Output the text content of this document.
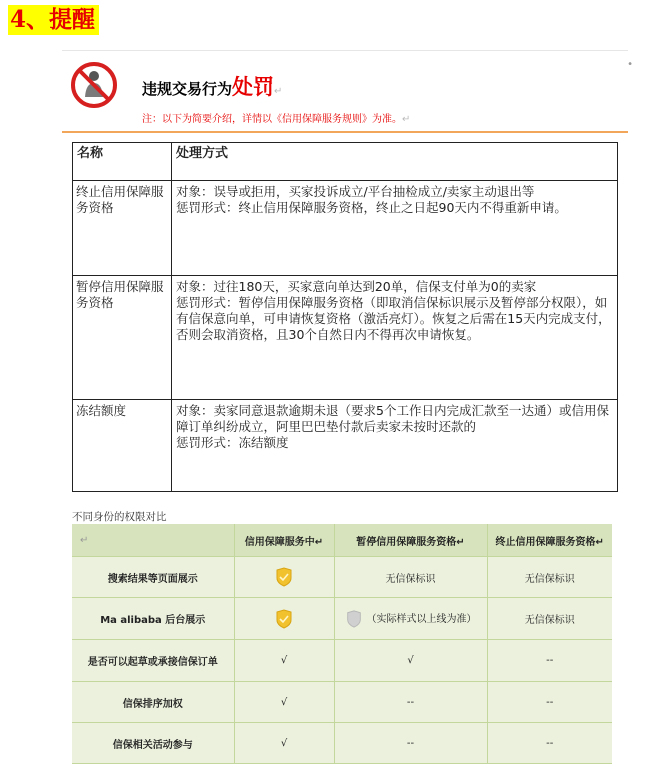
4、提醒
•
违规交易行为处罚↵
注：以下为简要介绍，详情以《信用保障服务规则》为准。↵
名称	处理方式
终止信用保障服务资格	对象：误导或拒用，买家投诉成立/平台抽检成立/卖家主动退出等
惩罚形式：终止信用保障服务资格，终止之日起90天内不得重新申请。

暂停信用保障服务资格	对象：过往180天，买家意向单达到20单，信保支付单为0的卖家
惩罚形式：暂停信用保障服务资格（即取消信保标识展示及暂停部分权限），如有信保意向单，可申请恢复资格（激活亮灯）。恢复之后需在15天内完成支付，否则会取消资格，且30个自然日内不得再次申请恢复。

冻结额度	对象：卖家同意退款逾期未退（要求5个工作日内完成汇款至一达通）或信用保障订单纠纷成立，阿里巴巴垫付款后卖家未按时还款的
惩罚形式：冻结额度
不同身份的权限对比
↵	信用保障服务中↵	暂停信用保障服务资格↵	终止信用保障服务资格↵
搜索结果等页面展示		无信保标识	无信保标识
Ma alibaba 后台展示		（实际样式以上线为准）	无信保标识
是否可以起草或承接信保订单	√	√	--
信保排序加权	√	--	--
信保相关活动参与	√	--	--
